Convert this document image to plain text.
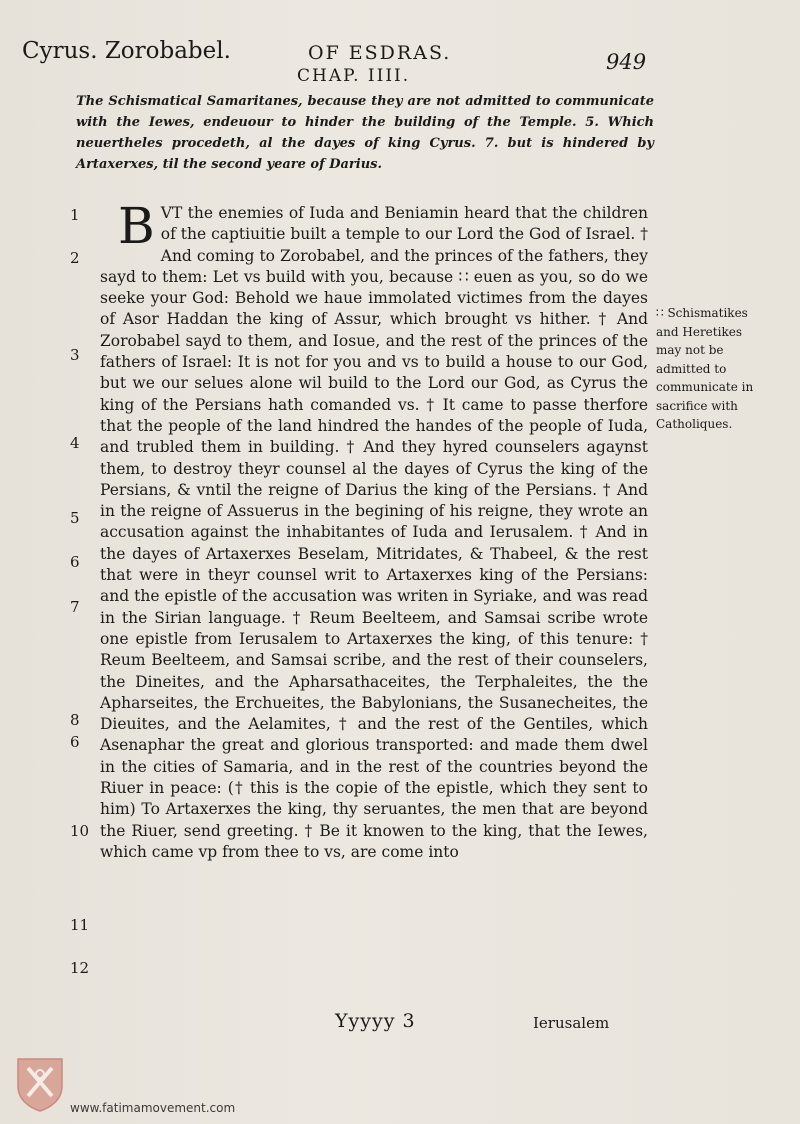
Cyrus. Zorobabel.	OF ESDRAS.	949
CHAP. IIII.
The Schismatical Samaritanes, because they are not admitted to communicate with the Iewes, endeuour to hinder the building of the Temple. 5. Which neuertheles procedeth, al the dayes of king Cyrus. 7. but is hindered by Artaxerxes, til the second yeare of Darius.
1
2
3
4
5
6
7
8
6
10
11
12
BVT the enemies of Iuda and Beniamin heard that the children of the captiuitie built a temple to our Lord the God of Israel. † And coming to Zorobabel, and the princes of the fathers, they sayd to them: Let vs build with you, because ∷ euen as you, so do we seeke your God: Behold we haue immolated victimes from the dayes of Asor Haddan the king of Assur, which brought vs hither. † And Zorobabel sayd to them, and Iosue, and the rest of the princes of the fathers of Israel: It is not for you and vs to build a house to our God, but we our selues alone wil build to the Lord our God, as Cyrus the king of the Persians hath comanded vs. † It came to passe therfore that the people of the land hindred the handes of the people of Iuda, and trubled them in building. † And they hyred counselers agaynst them, to destroy theyr counsel al the dayes of Cyrus the king of the Persians, & vntil the reigne of Darius the king of the Persians. † And in the reigne of Assuerus in the begining of his reigne, they wrote an accusation against the inhabitantes of Iuda and Ierusalem. † And in the dayes of Artaxerxes Beselam, Mitridates, & Thabeel, & the rest that were in theyr counsel writ to Artaxerxes king of the Persians: and the epistle of the accusation was writen in Syriake, and was read in the Sirian language. † Reum Beelteem, and Samsai scribe wrote one epistle from Ierusalem to Artaxerxes the king, of this tenure: † Reum Beelteem, and Samsai scribe, and the rest of their counselers, the Dineites, and the Apharsathaceites, the Terphaleites, the the Apharseites, the Erchueites, the Babylonians, the Susanecheites, the Dieuites, and the Aelamites, † and the rest of the Gentiles, which Asenaphar the great and glorious transported: and made them dwel in the cities of Samaria, and in the rest of the countries beyond the Riuer in peace: († this is the copie of the epistle, which they sent to him) To Artaxerxes the king, thy seruantes, the men that are beyond the Riuer, send greeting. † Be it knowen to the king, that the Iewes, which came vp from thee to vs, are come into
∷ Schismatikes and Heretikes may not be admitted to communicate in sacrifice with Catholiques.
Yyyyy 3	Ierusalem
www.fatimamovement.com
